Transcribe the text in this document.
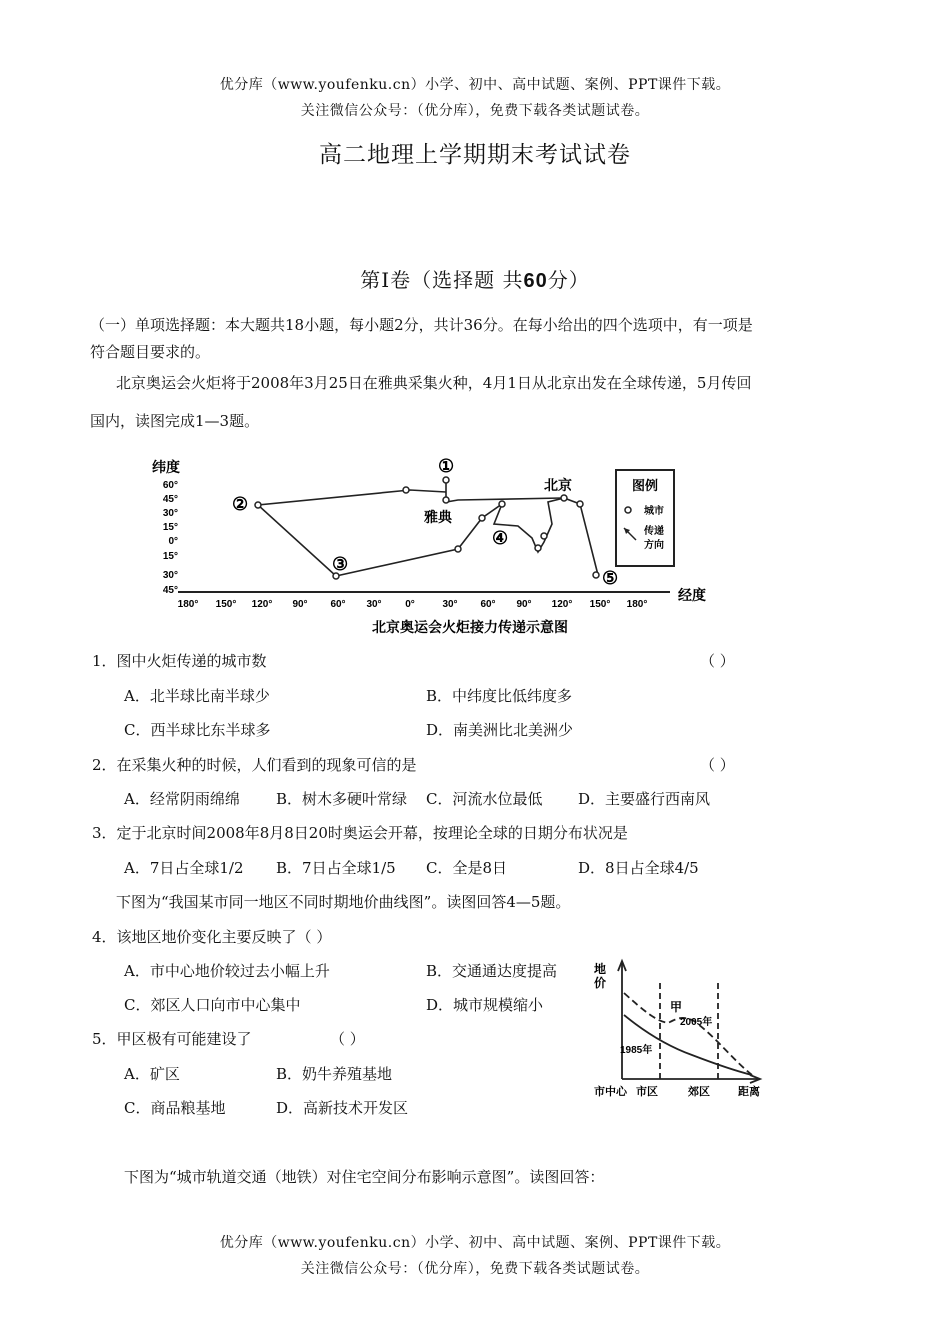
优分库（www.youfenku.cn）小学、初中、高中试题、案例、PPT课件下载。
关注微信公众号：（优分库），免费下载各类试题试卷。
高二地理上学期期末考试试卷
第Ⅰ卷（选择题 共60分）
（一）单项选择题：本大题共18小题，每小题2分，共计36分。在每小给出的四个选项中，有一项是
符合题目要求的。
北京奥运会火炬将于2008年3月25日在雅典采集火种，4月1日从北京出发在全球传递，5月传回
国内，读图完成1—3题。
纬度
60°
45°
30°
15°
0°
15°
30°
45°
180° 150° 120° 90° 60° 30° 0°	30° 60° 90° 120° 150° 180°
经度
①
②
③
④
⑤
北京
雅典
图例
城市
传递
方向
北京奥运会火炬接力传递示意图
1．图中火炬传递的城市数	（ ）
A．北半球比南半球少	B．中纬度比低纬度多
C．西半球比东半球多	D．南美洲比北美洲少
2．在采集火种的时候，人们看到的现象可信的是	（ ）
A．经常阴雨绵绵 B．树木多硬叶常绿 C．河流水位最低 D．主要盛行西南风
3．定于北京时间2008年8月8日20时奥运会开幕，按理论全球的日期分布状况是
A．7日占全球1/2 B．7日占全球1/5 C．全是8日	D．8日占全球4/5
下图为“我国某市同一地区不同时期地价曲线图”。读图回答4—5题。
4．该地区地价变化主要反映了（ ）
A．市中心地价较过去小幅上升	B．交通通达度提高
C．郊区人口向市中心集中	D．城市规模缩小
5．甲区极有可能建设了	（ ）
A．矿区	B．奶牛养殖基地
C．商品粮基地	D．高新技术开发区
地
价
甲
2005年
1985年
市中心 市区	郊区	距离
下图为“城市轨道交通（地铁）对住宅空间分布影响示意图”。读图回答：
优分库（www.youfenku.cn）小学、初中、高中试题、案例、PPT课件下载。
关注微信公众号：（优分库），免费下载各类试题试卷。
